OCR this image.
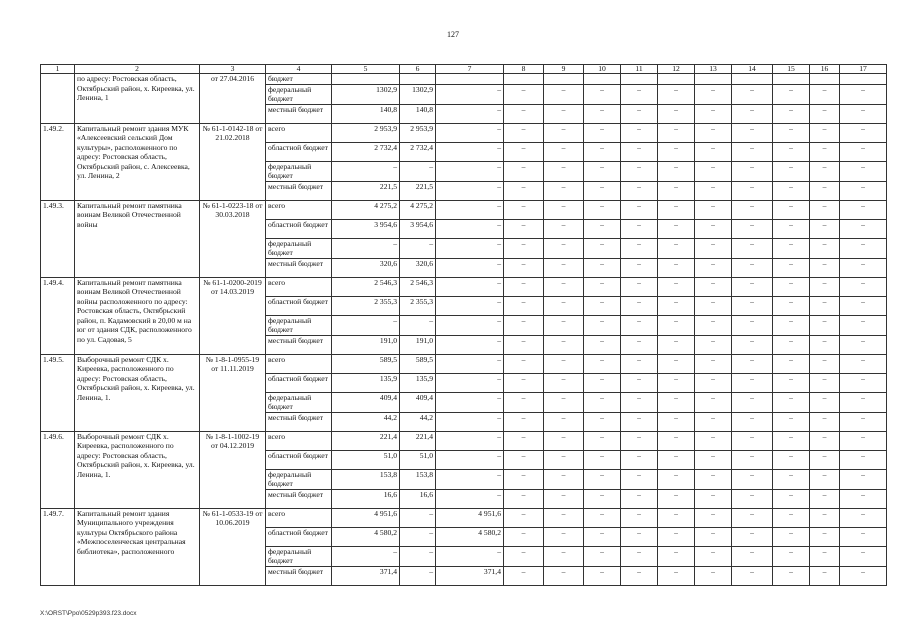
127
1	2	3	4	5	6	7	8	9	10	11	12	13	14	15	16	17
	по адресу: Ростовская область, Октябрьский район, х. Киреевка, ул. Ленина, 1	от 27.04.2016	бюджет													
			федеральный бюджет	1302,9	1302,9	–	–	–	–	–	–	–	–	–	–	–
			местный бюджет	140,8	140,8	–	–	–	–	–	–	–	–	–	–	–
1.49.2.	Капитальный ремонт здания МУК «Алексеевский сельский Дом культуры», расположенного по адресу: Ростовская область, Октябрьский район, с. Алексеевка, ул. Ленина, 2	№ 61-1-0142-18 от 21.02.2018	всего	2 953,9	2 953,9	–	–	–	–	–	–	–	–	–	–	–
			областной бюджет	2 732,4	2 732,4	–	–	–	–	–	–	–	–	–	–	–
			федеральный бюджет	–	–	–	–	–	–	–	–	–	–	–	–	–
			местный бюджет	221,5	221,5	–	–	–	–	–	–	–	–	–	–	–
1.49.3.	Капитальный ремонт памятника воинам Великой Отечественной войны	№ 61-1-0223-18 от 30.03.2018	всего	4 275,2	4 275,2	–	–	–	–	–	–	–	–	–	–	–
			областной бюджет	3 954,6	3 954,6	–	–	–	–	–	–	–	–	–	–	–
			федеральный бюджет	–	–	–	–	–	–	–	–	–	–	–	–	–
			местный бюджет	320,6	320,6	–	–	–	–	–	–	–	–	–	–	–
1.49.4.	Капитальный ремонт памятника воинам Великой Отечественной войны расположенного по адресу: Ростовская область, Октябрьский район, п. Кадамовский в 20,00 м на юг от здания СДК, расположенного по ул. Садовая, 5	№ 61-1-0200-2019 от 14.03.2019	всего	2 546,3	2 546,3	–	–	–	–	–	–	–	–	–	–	–
			областной бюджет	2 355,3	2 355,3	–	–	–	–	–	–	–	–	–	–	–
			федеральный бюджет	–	–	–	–	–	–	–	–	–	–	–	–	–
			местный бюджет	191,0	191,0	–	–	–	–	–	–	–	–	–	–	–
1.49.5.	Выборочный ремонт СДК х. Киреевка, расположенного по адресу: Ростовская область, Октябрьский район, х. Киреевка, ул. Ленина, 1.	№ 1-8-1-0955-19 от 11.11.2019	всего	589,5	589,5	–	–	–	–	–	–	–	–	–	–	–
			областной бюджет	135,9	135,9	–	–	–	–	–	–	–	–	–	–	–
			федеральный бюджет	409,4	409,4	–	–	–	–	–	–	–	–	–	–	–
			местный бюджет	44,2	44,2	–	–	–	–	–	–	–	–	–	–	–
1.49.6.	Выборочный ремонт СДК х. Киреевка, расположенного по адресу: Ростовская область, Октябрьский район, х. Киреевка, ул. Ленина, 1.	№ 1-8-1-1002-19 от 04.12.2019	всего	221,4	221,4	–	–	–	–	–	–	–	–	–	–	–
			областной бюджет	51,0	51,0	–	–	–	–	–	–	–	–	–	–	–
			федеральный бюджет	153,8	153,8	–	–	–	–	–	–	–	–	–	–	–
			местный бюджет	16,6	16,6	–	–	–	–	–	–	–	–	–	–	–
1.49.7.	Капитальный ремонт здания Муниципального учреждения культуры Октябрьского района «Межпоселенческая центральная библиотека», расположенного	№ 61-1-0533-19 от 10.06.2019	всего	4 951,6	–	4 951,6	–	–	–	–	–	–	–	–	–	–
			областной бюджет	4 580,2	–	4 580,2	–	–	–	–	–	–	–	–	–	–
			федеральный бюджет	–	–	–	–	–	–	–	–	–	–	–	–	–
			местный бюджет	371,4	–	371,4	–	–	–	–	–	–	–	–	–	–
X:\ORST\Ppo\0529p393.f23.docx
